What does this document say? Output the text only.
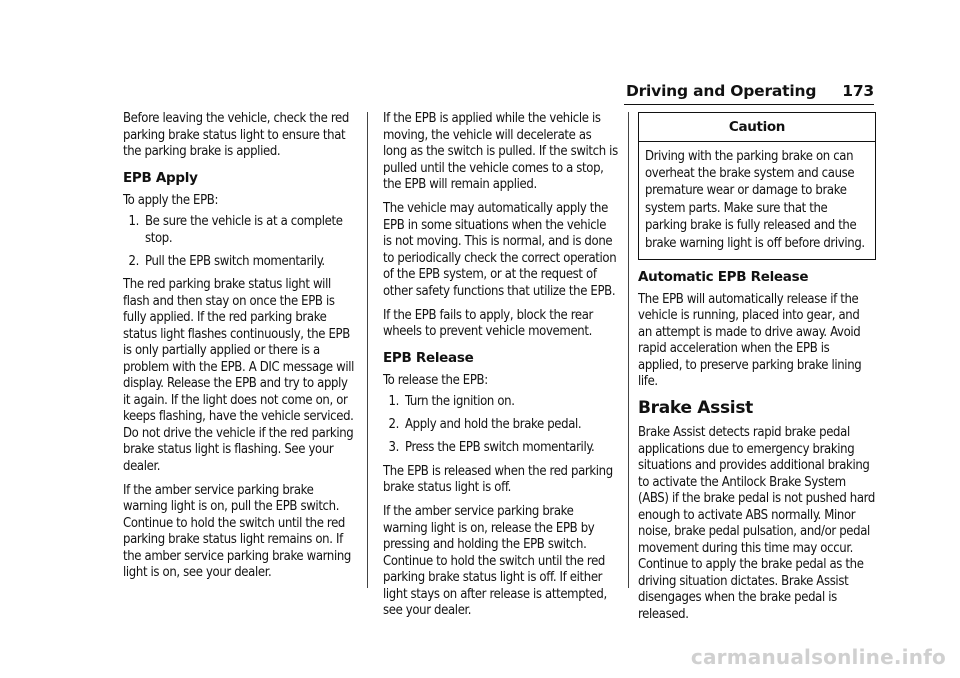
Driving and Operating 173

Before leaving the vehicle, check the red parking brake status light to ensure that the parking brake is applied.

EPB Apply

To apply the EPB:

1. Be sure the vehicle is at a complete stop.
2. Pull the EPB switch momentarily.

The red parking brake status light will flash and then stay on once the EPB is fully applied. If the red parking brake status light flashes continuously, the EPB is only partially applied or there is a problem with the EPB. A DIC message will display. Release the EPB and try to apply it again. If the light does not come on, or keeps flashing, have the vehicle serviced. Do not drive the vehicle if the red parking brake status light is flashing. See your dealer.

If the amber service parking brake warning light is on, pull the EPB switch. Continue to hold the switch until the red parking brake status light remains on. If the amber service parking brake warning light is on, see your dealer.

If the EPB is applied while the vehicle is moving, the vehicle will decelerate as long as the switch is pulled. If the switch is pulled until the vehicle comes to a stop, the EPB will remain applied.

The vehicle may automatically apply the EPB in some situations when the vehicle is not moving. This is normal, and is done to periodically check the correct operation of the EPB system, or at the request of other safety functions that utilize the EPB.

If the EPB fails to apply, block the rear wheels to prevent vehicle movement.

EPB Release

To release the EPB:

1. Turn the ignition on.
2. Apply and hold the brake pedal.
3. Press the EPB switch momentarily.

The EPB is released when the red parking brake status light is off.

If the amber service parking brake warning light is on, release the EPB by pressing and holding the EPB switch. Continue to hold the switch until the red parking brake status light is off. If either light stays on after release is attempted, see your dealer.

Caution
Driving with the parking brake on can overheat the brake system and cause premature wear or damage to brake system parts. Make sure that the parking brake is fully released and the brake warning light is off before driving.
Automatic EPB Release

The EPB will automatically release if the vehicle is running, placed into gear, and an attempt is made to drive away. Avoid rapid acceleration when the EPB is applied, to preserve parking brake lining life.

Brake Assist

Brake Assist detects rapid brake pedal applications due to emergency braking situations and provides additional braking to activate the Antilock Brake System (ABS) if the brake pedal is not pushed hard enough to activate ABS normally. Minor noise, brake pedal pulsation, and/or pedal movement during this time may occur. Continue to apply the brake pedal as the driving situation dictates. Brake Assist disengages when the brake pedal is released.

carmanualsonline.info
